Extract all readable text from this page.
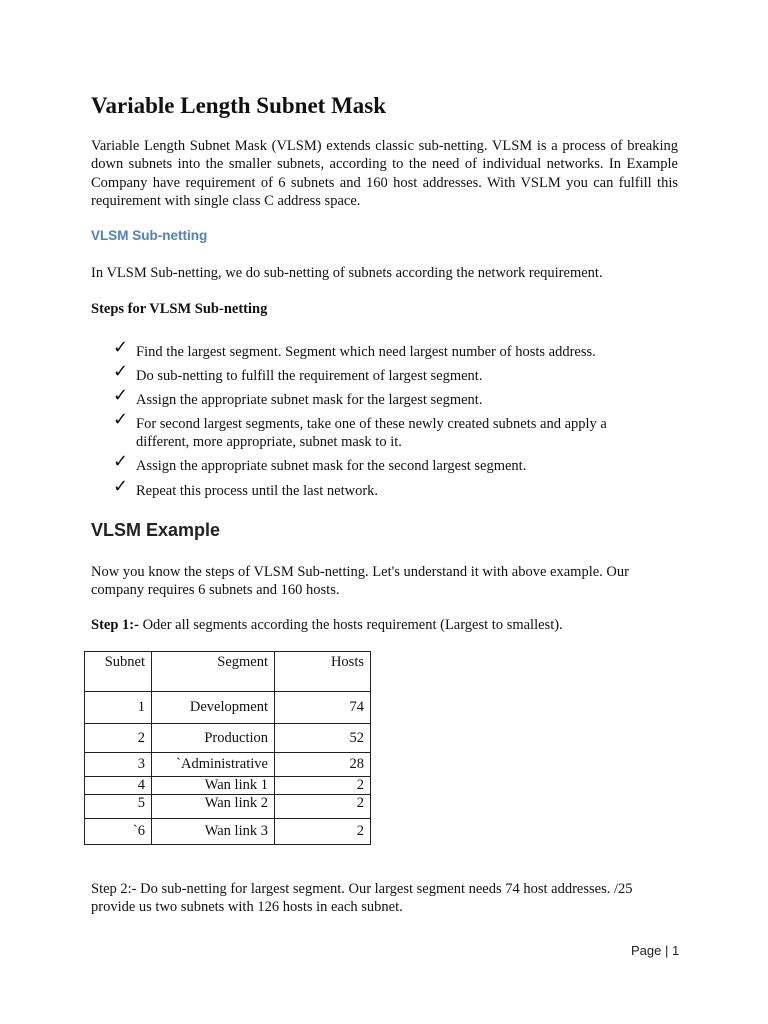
Variable Length Subnet Mask

Variable Length Subnet Mask (VLSM) extends classic sub-netting. VLSM is a process of breaking down subnets into the smaller subnets, according to the need of individual networks. In Example Company have requirement of 6 subnets and 160 host addresses. With VSLM you can fulfill this requirement with single class C address space.

VLSM Sub-netting

In VLSM Sub-netting, we do sub-netting of subnets according the network requirement.

Steps for VLSM Sub-netting

✓ Find the largest segment. Segment which need largest number of hosts address.
✓ Do sub-netting to fulfill the requirement of largest segment.
✓ Assign the appropriate subnet mask for the largest segment.
✓ For second largest segments, take one of these newly created subnets and apply a different, more appropriate, subnet mask to it.
✓ Assign the appropriate subnet mask for the second largest segment.
✓ Repeat this process until the last network.
VLSM Example

Now you know the steps of VLSM Sub-netting. Let's understand it with above example. Our company requires 6 subnets and 160 hosts.

Step 1:- Oder all segments according the hosts requirement (Largest to smallest).

Subnet	Segment	Hosts
1	Development	74
2	Production	52
3	`Administrative	28
4	Wan link 1	2
5	Wan link 2	2
`6	Wan link 3	2

Step 2:- Do sub-netting for largest segment. Our largest segment needs 74 host addresses. /25 provide us two subnets with 126 hosts in each subnet.

Page | 1
